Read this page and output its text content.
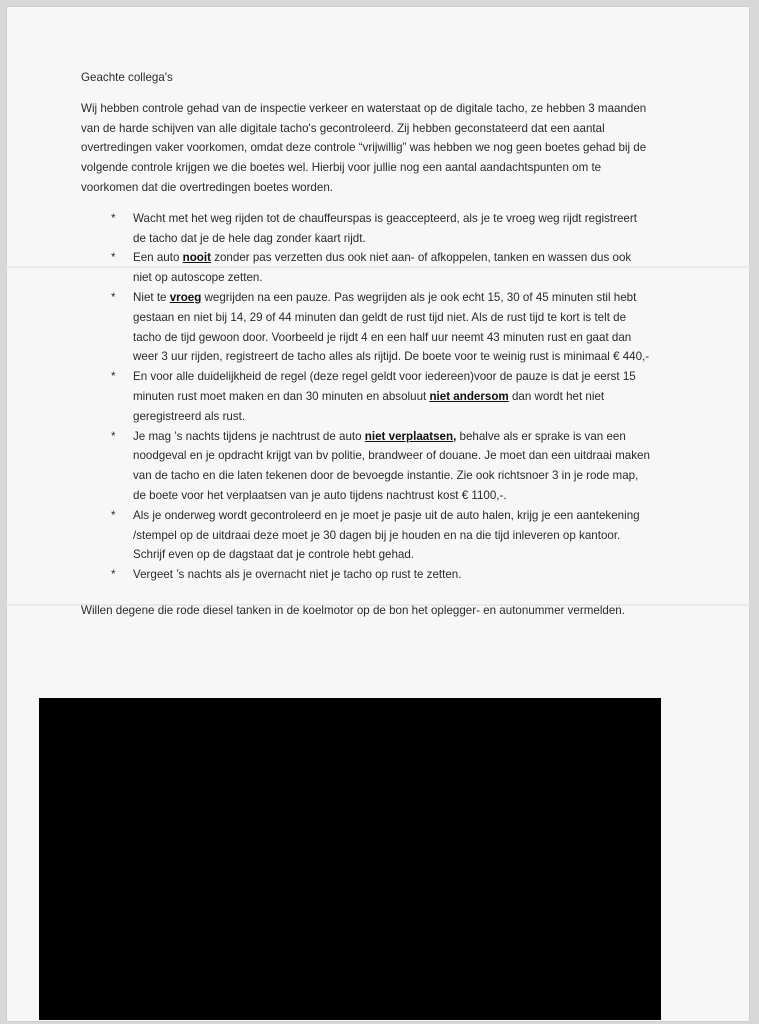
Geachte collega's

Wij hebben controle gehad van de inspectie verkeer en waterstaat op de digitale tacho, ze hebben 3 maanden van de harde schijven van alle digitale tacho's gecontroleerd. Zij hebben geconstateerd dat een aantal overtredingen vaker voorkomen, omdat deze controle “vrijwillig” was hebben we nog geen boetes gehad bij de volgende controle krijgen we die boetes wel. Hierbij voor jullie nog een aantal aandachtspunten om te voorkomen dat die overtredingen boetes worden.

* Wacht met het weg rijden tot de chauffeurspas is geaccepteerd, als je te vroeg weg rijdt registreert de tacho dat je de hele dag zonder kaart rijdt.
* Een auto nooit zonder pas verzetten dus ook niet aan- of afkoppelen, tanken en wassen dus ook niet op autoscope zetten.
* Niet te vroeg wegrijden na een pauze. Pas wegrijden als je ook echt 15, 30 of 45 minuten stil hebt gestaan en niet bij 14, 29 of 44 minuten dan geldt de rust tijd niet. Als de rust tijd te kort is telt de tacho de tijd gewoon door. Voorbeeld je rijdt 4 en een half uur neemt 43 minuten rust en gaat dan weer 3 uur rijden, registreert de tacho alles als rijtijd. De boete voor te weinig rust is minimaal € 440,-
* En voor alle duidelijkheid de regel (deze regel geldt voor iedereen)voor de pauze is dat je eerst 15 minuten rust moet maken en dan 30 minuten en absoluut niet andersom dan wordt het niet geregistreerd als rust.
* Je mag ’s nachts tijdens je nachtrust de auto niet verplaatsen, behalve als er sprake is van een noodgeval en je opdracht krijgt van bv politie, brandweer of douane. Je moet dan een uitdraai maken van de tacho en die laten tekenen door de bevoegde instantie. Zie ook richtsnoer 3 in je rode map, de boete voor het verplaatsen van je auto tijdens nachtrust kost € 1100,-.
* Als je onderweg wordt gecontroleerd en je moet je pasje uit de auto halen, krijg je een aantekening /stempel op de uitdraai deze moet je 30 dagen bij je houden en na die tijd inleveren op kantoor. Schrijf even op de dagstaat dat je controle hebt gehad.
* Vergeet ’s nachts als je overnacht niet je tacho op rust te zetten.

Willen degene die rode diesel tanken in de koelmotor op de bon het oplegger- en autonummer vermelden.
